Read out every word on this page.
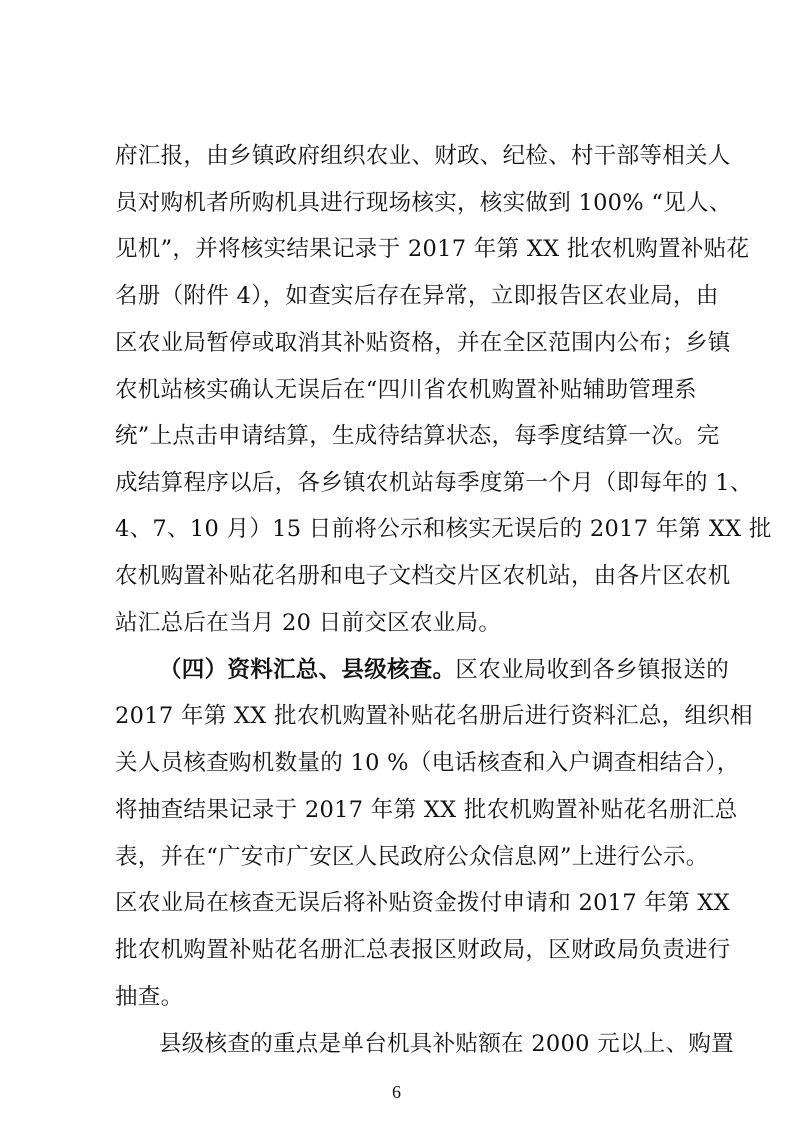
府汇报，由乡镇政府组织农业、财政、纪检、村干部等相关人
员对购机者所购机具进行现场核实，核实做到 100% “见人、
见机”，并将核实结果记录于 2017 年第 XX 批农机购置补贴花
名册（附件 4），如查实后存在异常，立即报告区农业局，由
区农业局暂停或取消其补贴资格，并在全区范围内公布；乡镇
农机站核实确认无误后在“四川省农机购置补贴辅助管理系
统”上点击申请结算，生成待结算状态，每季度结算一次。完
成结算程序以后，各乡镇农机站每季度第一个月（即每年的 1、
4、7、10 月）15 日前将公示和核实无误后的 2017 年第 XX 批
农机购置补贴花名册和电子文档交片区农机站，由各片区农机
站汇总后在当月 20 日前交区农业局。
（四）资料汇总、县级核查。区农业局收到各乡镇报送的
2017 年第 XX 批农机购置补贴花名册后进行资料汇总，组织相
关人员核查购机数量的 10 %（电话核查和入户调查相结合），
将抽查结果记录于 2017 年第 XX 批农机购置补贴花名册汇总
表，并在“广安市广安区人民政府公众信息网”上进行公示。
区农业局在核查无误后将补贴资金拨付申请和 2017 年第 XX
批农机购置补贴花名册汇总表报区财政局，区财政局负责进行
抽查。
县级核查的重点是单台机具补贴额在 2000 元以上、购置
6
